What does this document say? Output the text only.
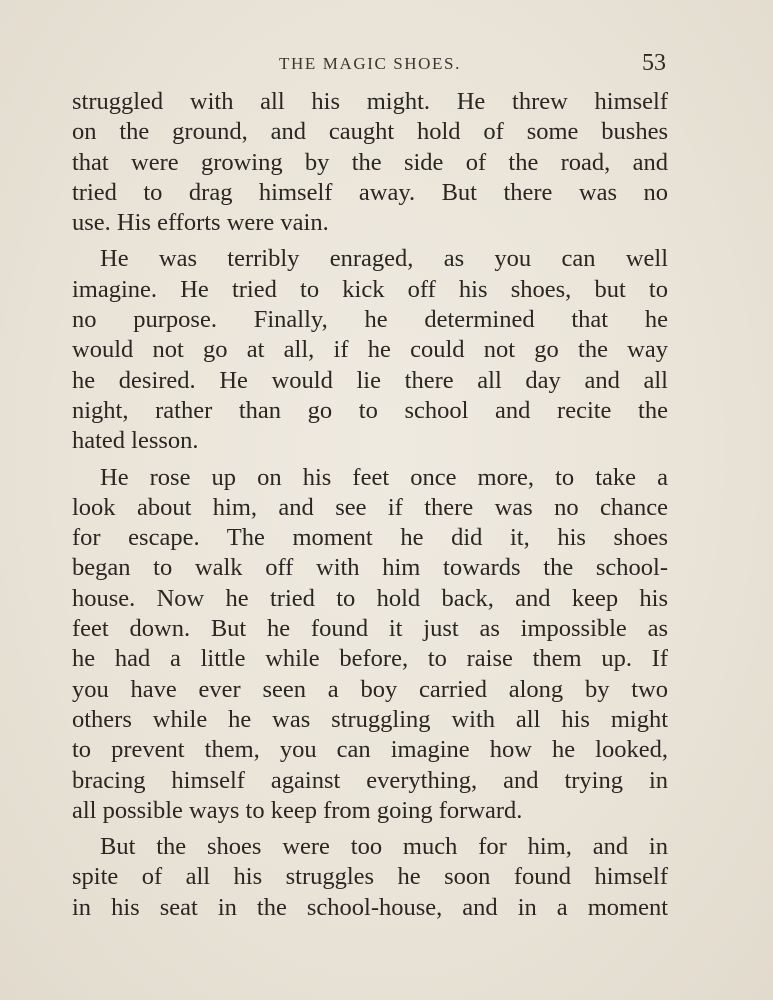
THE MAGIC SHOES.	53
struggled with all his might. He threw himself
on the ground, and caught hold of some bushes
that were growing by the side of the road, and
tried to drag himself away. But there was no
use. His efforts were vain.
He was terribly enraged, as you can well
imagine. He tried to kick off his shoes, but to
no purpose. Finally, he determined that he
would not go at all, if he could not go the way
he desired. He would lie there all day and all
night, rather than go to school and recite the
hated lesson.
He rose up on his feet once more, to take a
look about him, and see if there was no chance
for escape. The moment he did it, his shoes
began to walk off with him towards the school-
house. Now he tried to hold back, and keep his
feet down. But he found it just as impossible as
he had a little while before, to raise them up. If
you have ever seen a boy carried along by two
others while he was struggling with all his might
to prevent them, you can imagine how he looked,
bracing himself against everything, and trying in
all possible ways to keep from going forward.
But the shoes were too much for him, and in
spite of all his struggles he soon found himself
in his seat in the school-house, and in a moment
